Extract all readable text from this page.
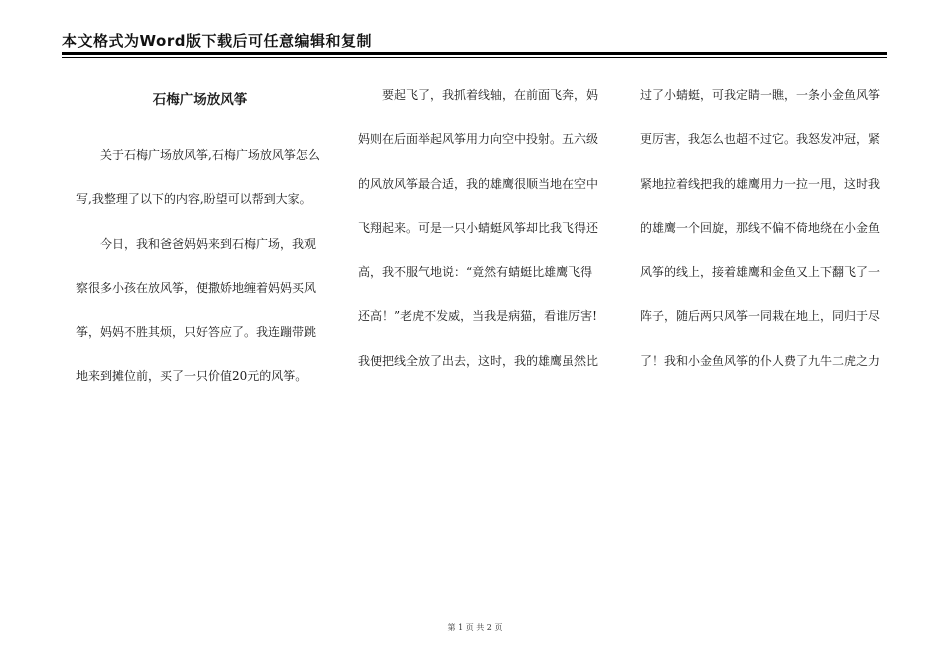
本文格式为Word版下载后可任意编辑和复制
石梅广场放风筝
关于石梅广场放风筝,石梅广场放风筝怎么
写,我整理了以下的内容,盼望可以帮到大家。
今日，我和爸爸妈妈来到石梅广场，我观
察很多小孩在放风筝，便撒娇地缠着妈妈买风
筝，妈妈不胜其烦，只好答应了。我连蹦带跳
地来到摊位前，买了一只价值20元的风筝。
要起飞了，我抓着线轴，在前面飞奔，妈
妈则在后面举起风筝用力向空中投射。五六级
的风放风筝最合适，我的雄鹰很顺当地在空中
飞翔起来。可是一只小蜻蜓风筝却比我飞得还
高，我不服气地说：“竟然有蜻蜓比雄鹰飞得
还高！”老虎不发威，当我是病猫，看谁厉害!
我便把线全放了出去，这时，我的雄鹰虽然比
过了小蜻蜓，可我定睛一瞧，一条小金鱼风筝
更厉害，我怎么也超不过它。我怒发冲冠，紧
紧地拉着线把我的雄鹰用力一拉一甩，这时我
的雄鹰一个回旋，那线不偏不倚地绕在小金鱼
风筝的线上，接着雄鹰和金鱼又上下翻飞了一
阵子，随后两只风筝一同栽在地上，同归于尽
了！我和小金鱼风筝的仆人费了九牛二虎之力
第 1 页 共 2 页
